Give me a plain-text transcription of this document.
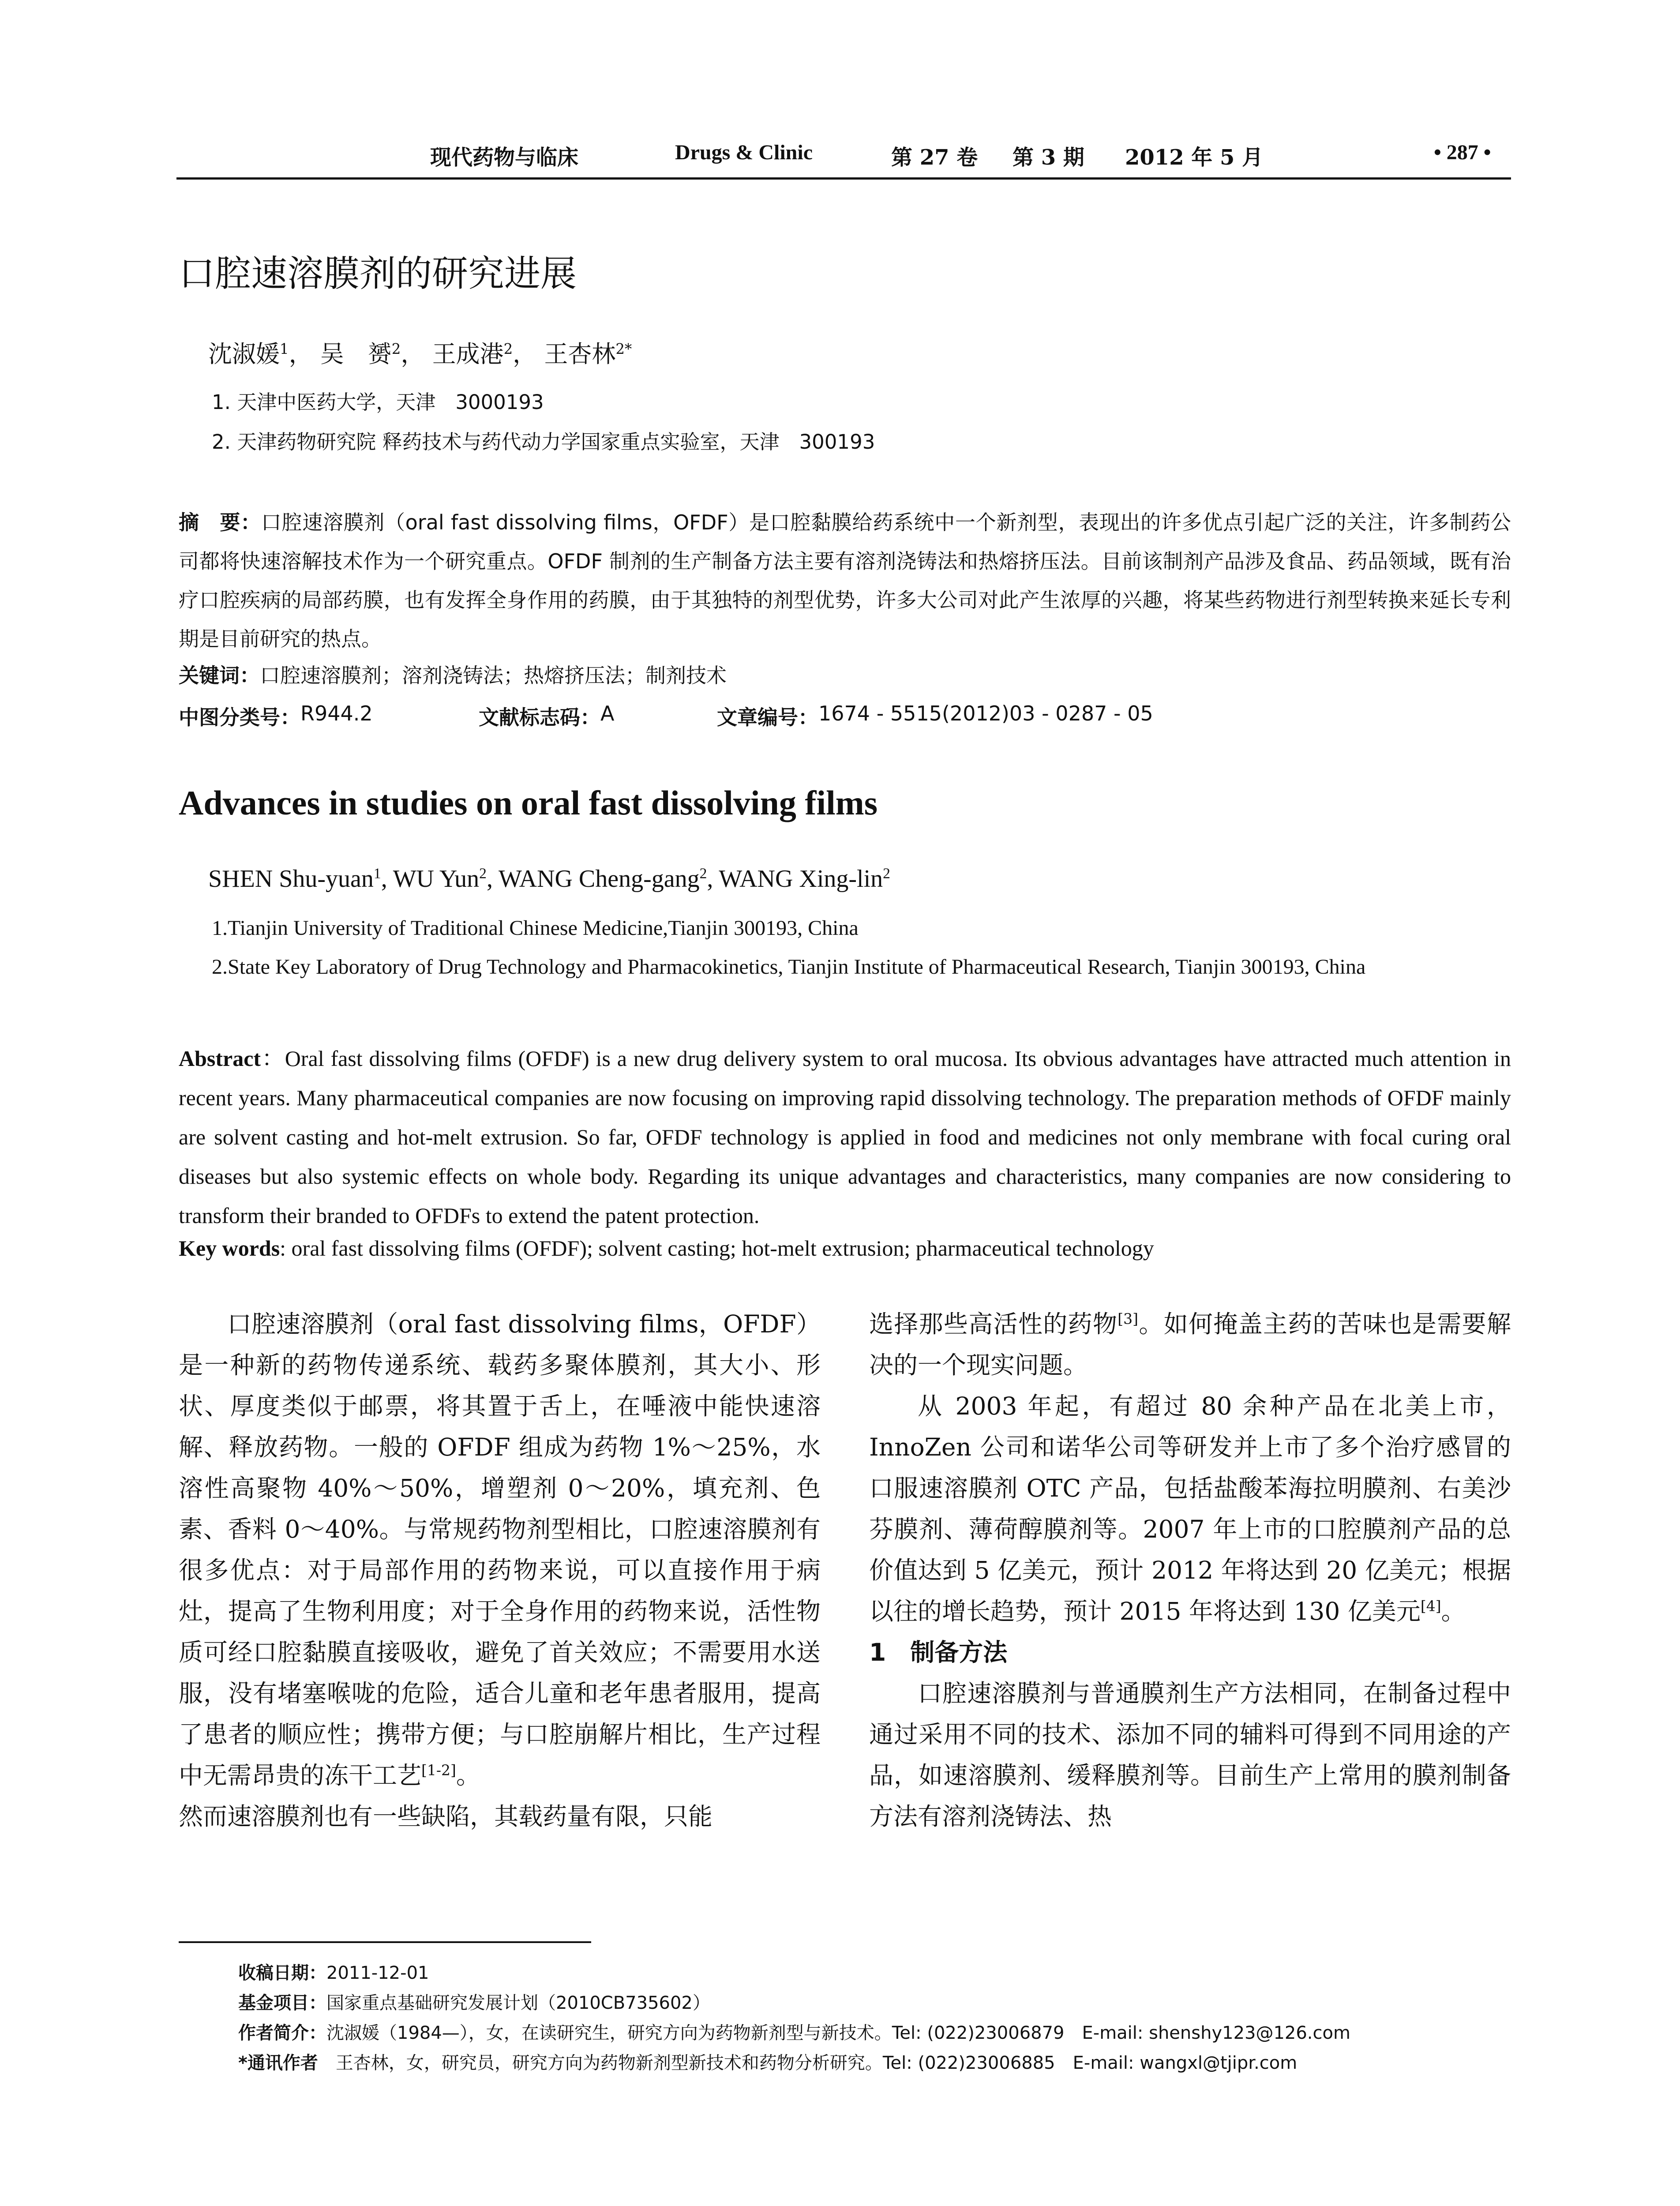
现代药物与临床	Drugs & Clinic	第 27 卷 第 3 期 2012 年 5 月	• 287 •
口腔速溶膜剂的研究进展
沈淑媛$^1$， 吴　赟$^2$， 王成港$^2$， 王杏林$^{2*}$
1. 天津中医药大学，天津　3000193
2. 天津药物研究院 释药技术与药代动力学国家重点实验室，天津　300193
摘　要：口腔速溶膜剂（oral fast dissolving films，OFDF）是口腔黏膜给药系统中一个新剂型，表现出的许多优点引起广泛的关注，许多制药公司都将快速溶解技术作为一个研究重点。OFDF 制剂的生产制备方法主要有溶剂浇铸法和热熔挤压法。目前该制剂产品涉及食品、药品领域，既有治疗口腔疾病的局部药膜，也有发挥全身作用的药膜，由于其独特的剂型优势，许多大公司对此产生浓厚的兴趣，将某些药物进行剂型转换来延长专利期是目前研究的热点。
关键词：口腔速溶膜剂；溶剂浇铸法；热熔挤压法；制剂技术
中图分类号： R944.2	文献标志码： A	文章编号： 1674 - 5515(2012)03 - 0287 - 05
Advances in studies on oral fast dissolving films
SHEN Shu-yuan$^1$, WU Yun$^2$, WANG Cheng-gang$^2$, WANG Xing-lin$^2$
1.Tianjin University of Traditional Chinese Medicine,Tianjin 300193, China
2.State Key Laboratory of Drug Technology and Pharmacokinetics, Tianjin Institute of Pharmaceutical Research, Tianjin 300193, China
Abstract：Oral fast dissolving films (OFDF) is a new drug delivery system to oral mucosa. Its obvious advantages have attracted much attention in recent years. Many pharmaceutical companies are now focusing on improving rapid dissolving technology. The preparation methods of OFDF mainly are solvent casting and hot-melt extrusion. So far, OFDF technology is applied in food and medicines not only membrane with focal curing oral diseases but also systemic effects on whole body. Regarding its unique advantages and characteristics, many companies are now considering to transform their branded to OFDFs to extend the patent protection.
Key words: oral fast dissolving films (OFDF); solvent casting; hot-melt extrusion; pharmaceutical technology

口腔速溶膜剂（oral fast dissolving films，OFDF）是一种新的药物传递系统、载药多聚体膜剂，其大小、形状、厚度类似于邮票，将其置于舌上，在唾液中能快速溶解、释放药物。一般的 OFDF 组成为药物 1%～25%，水溶性高聚物 40%～50%，增塑剂 0～20%，填充剂、色素、香料 0～40%。与常规药物剂型相比，口腔速溶膜剂有很多优点：对于局部作用的药物来说，可以直接作用于病灶，提高了生物利用度；对于全身作用的药物来说，活性物质可经口腔黏膜直接吸收，避免了首关效应；不需要用水送服，没有堵塞喉咙的危险，适合儿童和老年患者服用，提高了患者的顺应性；携带方便；与口腔崩解片相比，生产过程中无需昂贵的冻干工艺[1-2]。

然而速溶膜剂也有一些缺陷，其载药量有限，只能

选择那些高活性的药物[3]。如何掩盖主药的苦味也是需要解决的一个现实问题。

从 2003 年起，有超过 80 余种产品在北美上市，InnoZen 公司和诺华公司等研发并上市了多个治疗感冒的口服速溶膜剂 OTC 产品，包括盐酸苯海拉明膜剂、右美沙芬膜剂、薄荷醇膜剂等。2007 年上市的口腔膜剂产品的总价值达到 5 亿美元，预计 2012 年将达到 20 亿美元；根据以往的增长趋势，预计 2015 年将达到 130 亿美元[4]。

1　制备方法

口腔速溶膜剂与普通膜剂生产方法相同，在制备过程中通过采用不同的技术、添加不同的辅料可得到不同用途的产品，如速溶膜剂、缓释膜剂等。目前生产上常用的膜剂制备方法有溶剂浇铸法、热

收稿日期：2011-12-01
基金项目：国家重点基础研究发展计划（2010CB735602）
作者简介：沈淑媛（1984—），女，在读研究生，研究方向为药物新剂型与新技术。Tel: (022)23006879　E-mail: shenshy123@126.com
*通讯作者　 王杏林，女，研究员，研究方向为药物新剂型新技术和药物分析研究。Tel: (022)23006885　E-mail: wangxl@tjipr.com
